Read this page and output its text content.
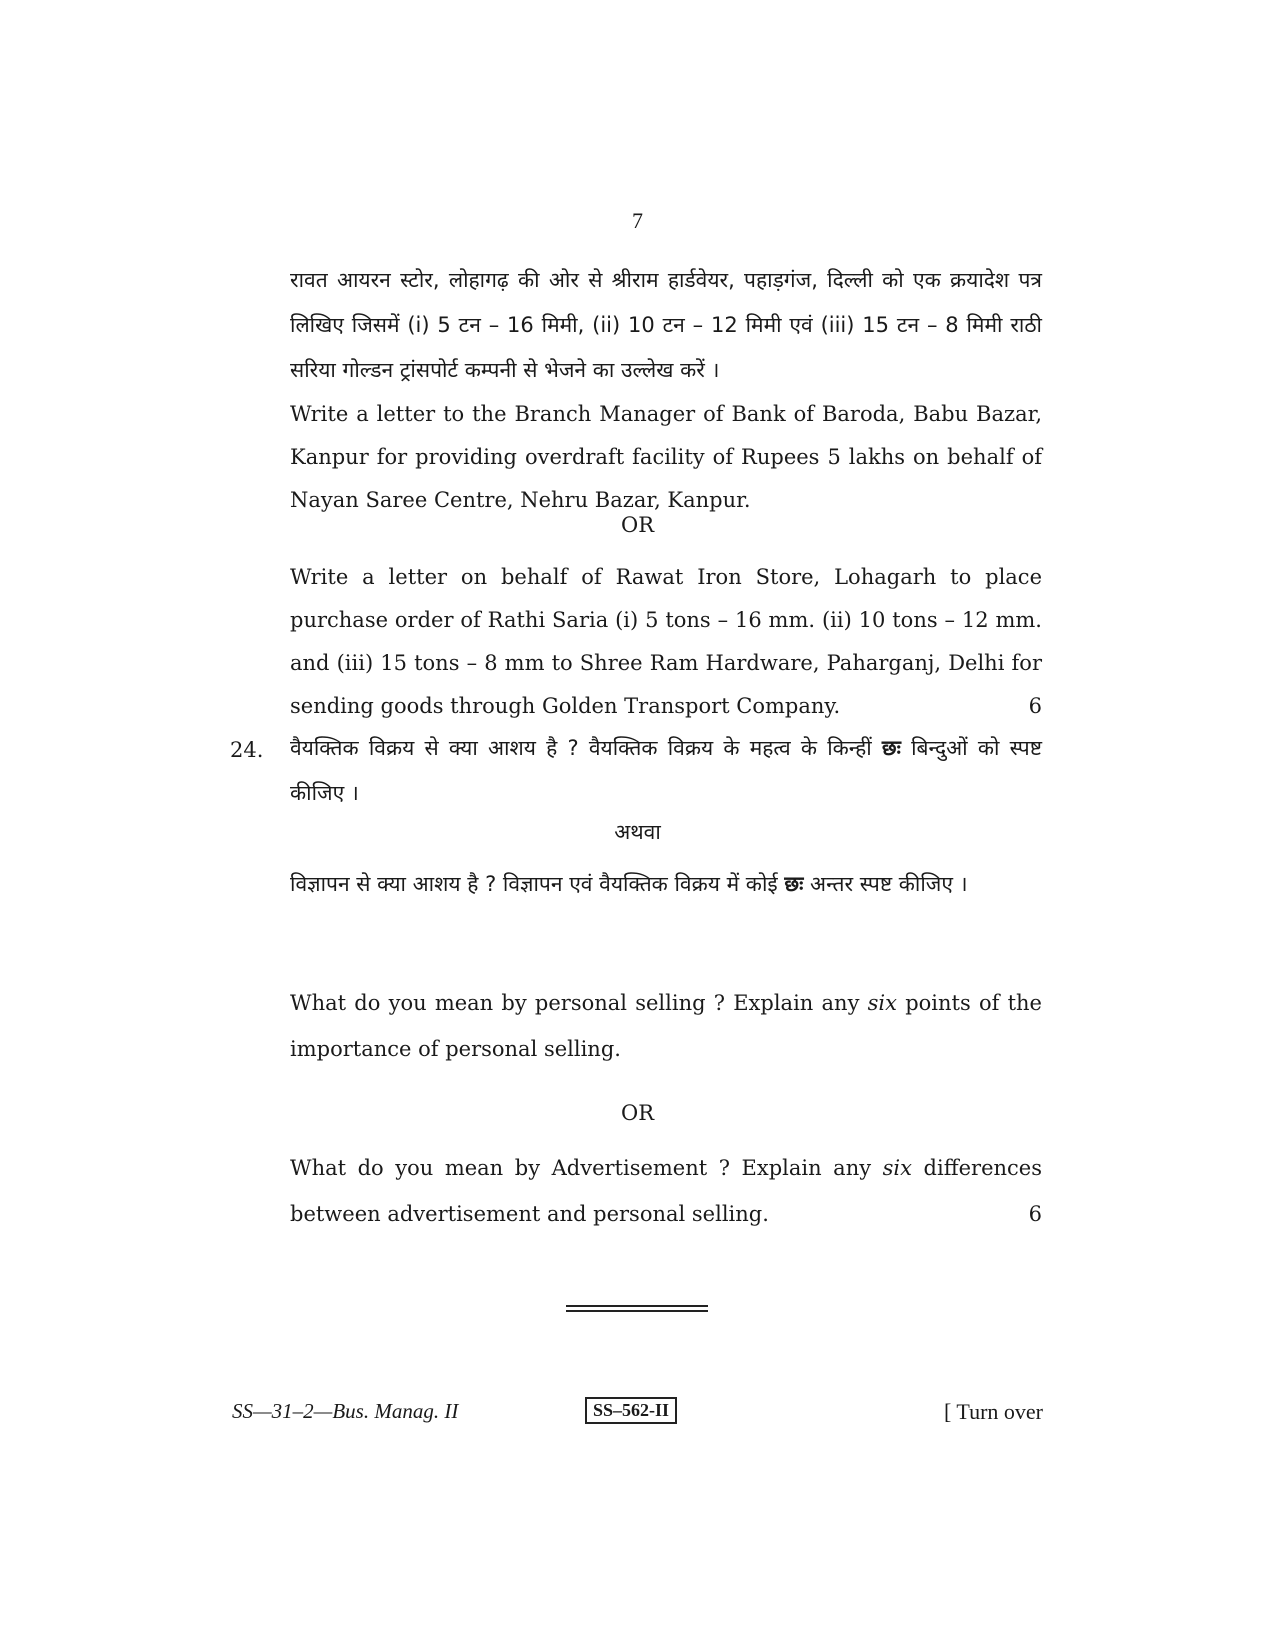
7
रावत आयरन स्टोर, लोहागढ़ की ओर से श्रीराम हार्डवेयर, पहाड़गंज, दिल्ली को एक क्रयादेश पत्र लिखिए जिसमें (i) 5 टन – 16 मिमी, (ii) 10 टन – 12 मिमी एवं (iii) 15 टन – 8 मिमी राठी सरिया गोल्डन ट्रांसपोर्ट कम्पनी से भेजने का उल्लेख करें ।
Write a letter to the Branch Manager of Bank of Baroda, Babu Bazar, Kanpur for providing overdraft facility of Rupees 5 lakhs on behalf of Nayan Saree Centre, Nehru Bazar, Kanpur.
OR
Write a letter on behalf of Rawat Iron Store, Lohagarh to place purchase order of Rathi Saria (i) 5 tons – 16 mm. (ii) 10 tons – 12 mm. and (iii) 15 tons – 8 mm to Shree Ram Hardware, Paharganj, Delhi for sending goods through Golden Transport Company.	6
24. वैयक्तिक विक्रय से क्या आशय है ? वैयक्तिक विक्रय के महत्व के किन्हीं छः बिन्दुओं को स्पष्ट कीजिए ।
अथवा
विज्ञापन से क्या आशय है ? विज्ञापन एवं वैयक्तिक विक्रय में कोई छः अन्तर स्पष्ट कीजिए ।
What do you mean by personal selling ? Explain any six points of the importance of personal selling.
OR
What do you mean by Advertisement ? Explain any six differences between advertisement and personal selling.	6
SS—31–2—Bus. Manag. II	SS–562-II	[ Turn over
